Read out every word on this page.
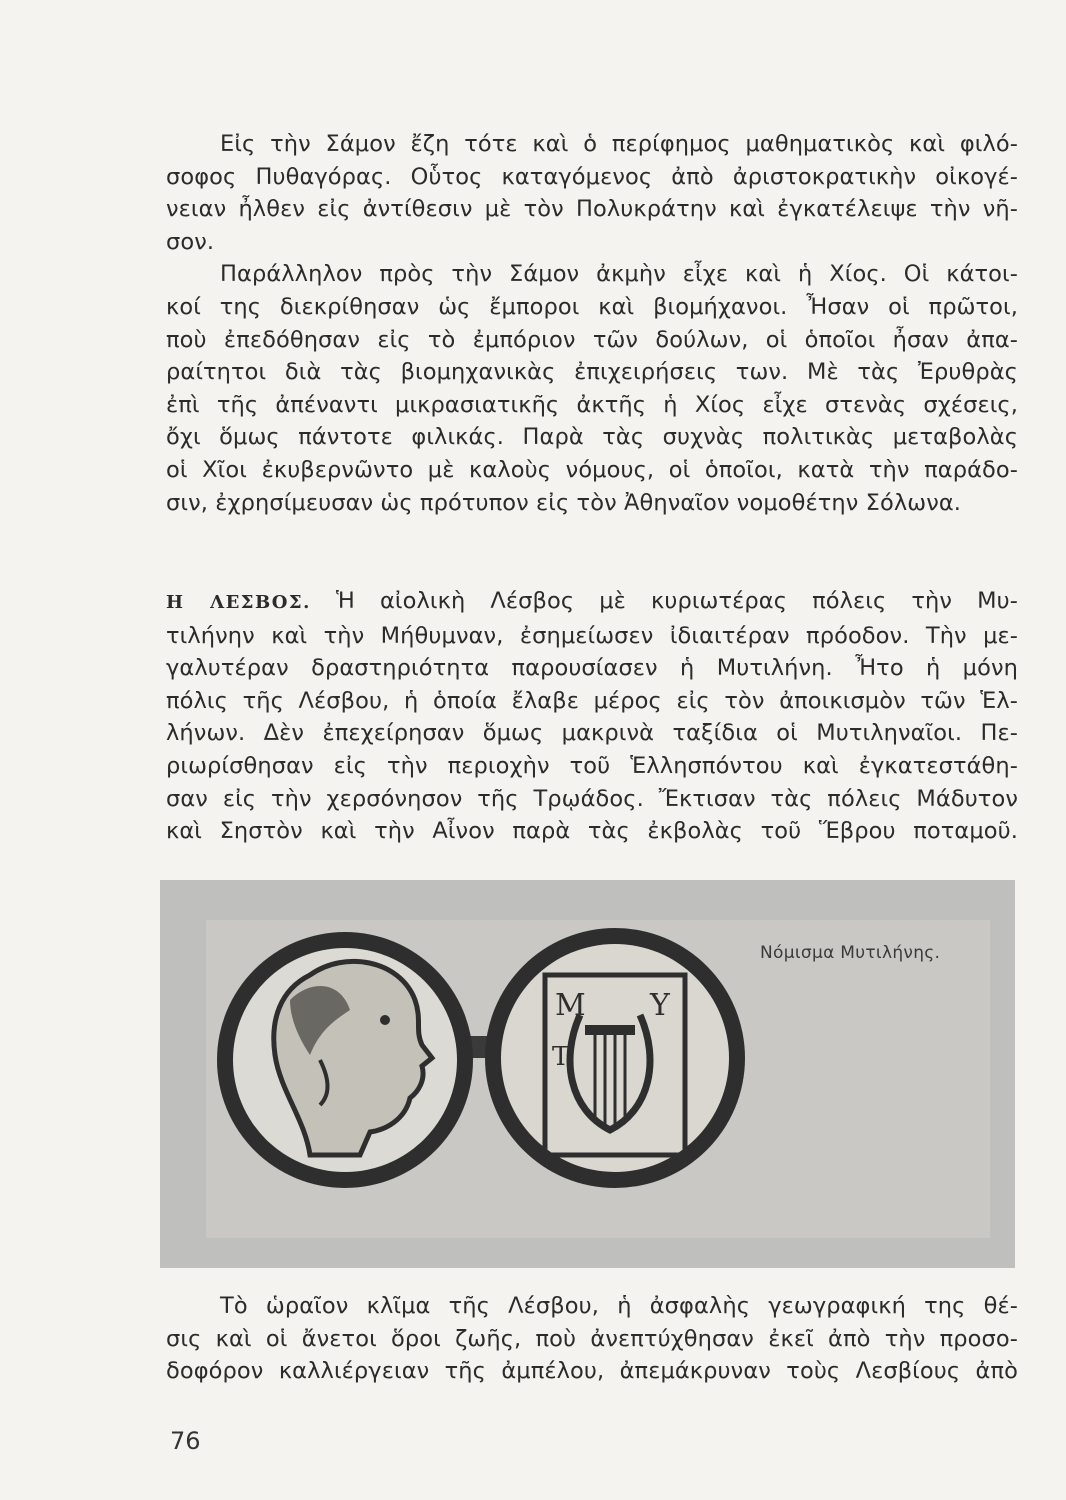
Εἰς τὴν Σάμον ἔζη τότε καὶ ὁ περίφημος μαθηματικὸς καὶ φιλό-

σοφος Πυθαγόρας. Οὗτος καταγόμενος ἀπὸ ἀριστοκρατικὴν οἰκογέ-

νειαν ἦλθεν εἰς ἀντίθεσιν μὲ τὸν Πολυκράτην καὶ ἐγκατέλειψε τὴν νῆ-

σον.

Παράλληλον πρὸς τὴν Σάμον ἀκμὴν εἶχε καὶ ἡ Χίος. Οἱ κάτοι-

κοί της διεκρίθησαν ὡς ἔμποροι καὶ βιομήχανοι. Ἦσαν οἱ πρῶτοι,

ποὺ ἐπεδόθησαν εἰς τὸ ἐμπόριον τῶν δούλων, οἱ ὁποῖοι ἦσαν ἀπα-

ραίτητοι διὰ τὰς βιομηχανικὰς ἐπιχειρήσεις των. Μὲ τὰς Ἐρυθρὰς

ἐπὶ τῆς ἀπέναντι μικρασιατικῆς ἀκτῆς ἡ Χίος εἶχε στενὰς σχέσεις,

ὄχι ὅμως πάντοτε φιλικάς. Παρὰ τὰς συχνὰς πολιτικὰς μεταβολὰς

οἱ Χῖοι ἐκυβερνῶντο μὲ καλοὺς νόμους, οἱ ὁποῖοι, κατὰ τὴν παράδο-

σιν, ἐχρησίμευσαν ὡς πρότυπον εἰς τὸν Ἀθηναῖον νομοθέτην Σόλωνα.

Η ΛΕΣΒΟΣ. Ἡ αἰολικὴ Λέσβος μὲ κυριωτέρας πόλεις τὴν Μυ-

τιλήνην καὶ τὴν Μήθυμναν, ἐσημείωσεν ἰδιαιτέραν πρόοδον. Τὴν με-

γαλυτέραν δραστηριότητα παρουσίασεν ἡ Μυτιλήνη. Ἦτο ἡ μόνη

πόλις τῆς Λέσβου, ἡ ὁποία ἔλαβε μέρος εἰς τὸν ἀποικισμὸν τῶν Ἑλ-

λήνων. Δὲν ἐπεχείρησαν ὅμως μακρινὰ ταξίδια οἱ Μυτιληναῖοι. Πε-

ριωρίσθησαν εἰς τὴν περιοχὴν τοῦ Ἑλλησπόντου καὶ ἐγκατεστάθη-

σαν εἰς τὴν χερσόνησον τῆς Τρῳάδος. Ἔκτισαν τὰς πόλεις Μάδυτον

καὶ Σηστὸν καὶ τὴν Αἶνον παρὰ τὰς ἐκβολὰς τοῦ Ἕβρου ποταμοῦ.

Μ Υ
Τ
Νόμισμα Μυτιλήνης.

Τὸ ὡραῖον κλῖμα τῆς Λέσβου, ἡ ἀσφαλὴς γεωγραφική της θέ-

σις καὶ οἱ ἄνετοι ὅροι ζωῆς, ποὺ ἀνεπτύχθησαν ἐκεῖ ἀπὸ τὴν προσο-

δοφόρον καλλιέργειαν τῆς ἀμπέλου, ἀπεμάκρυναν τοὺς Λεσβίους ἀπὸ

76
